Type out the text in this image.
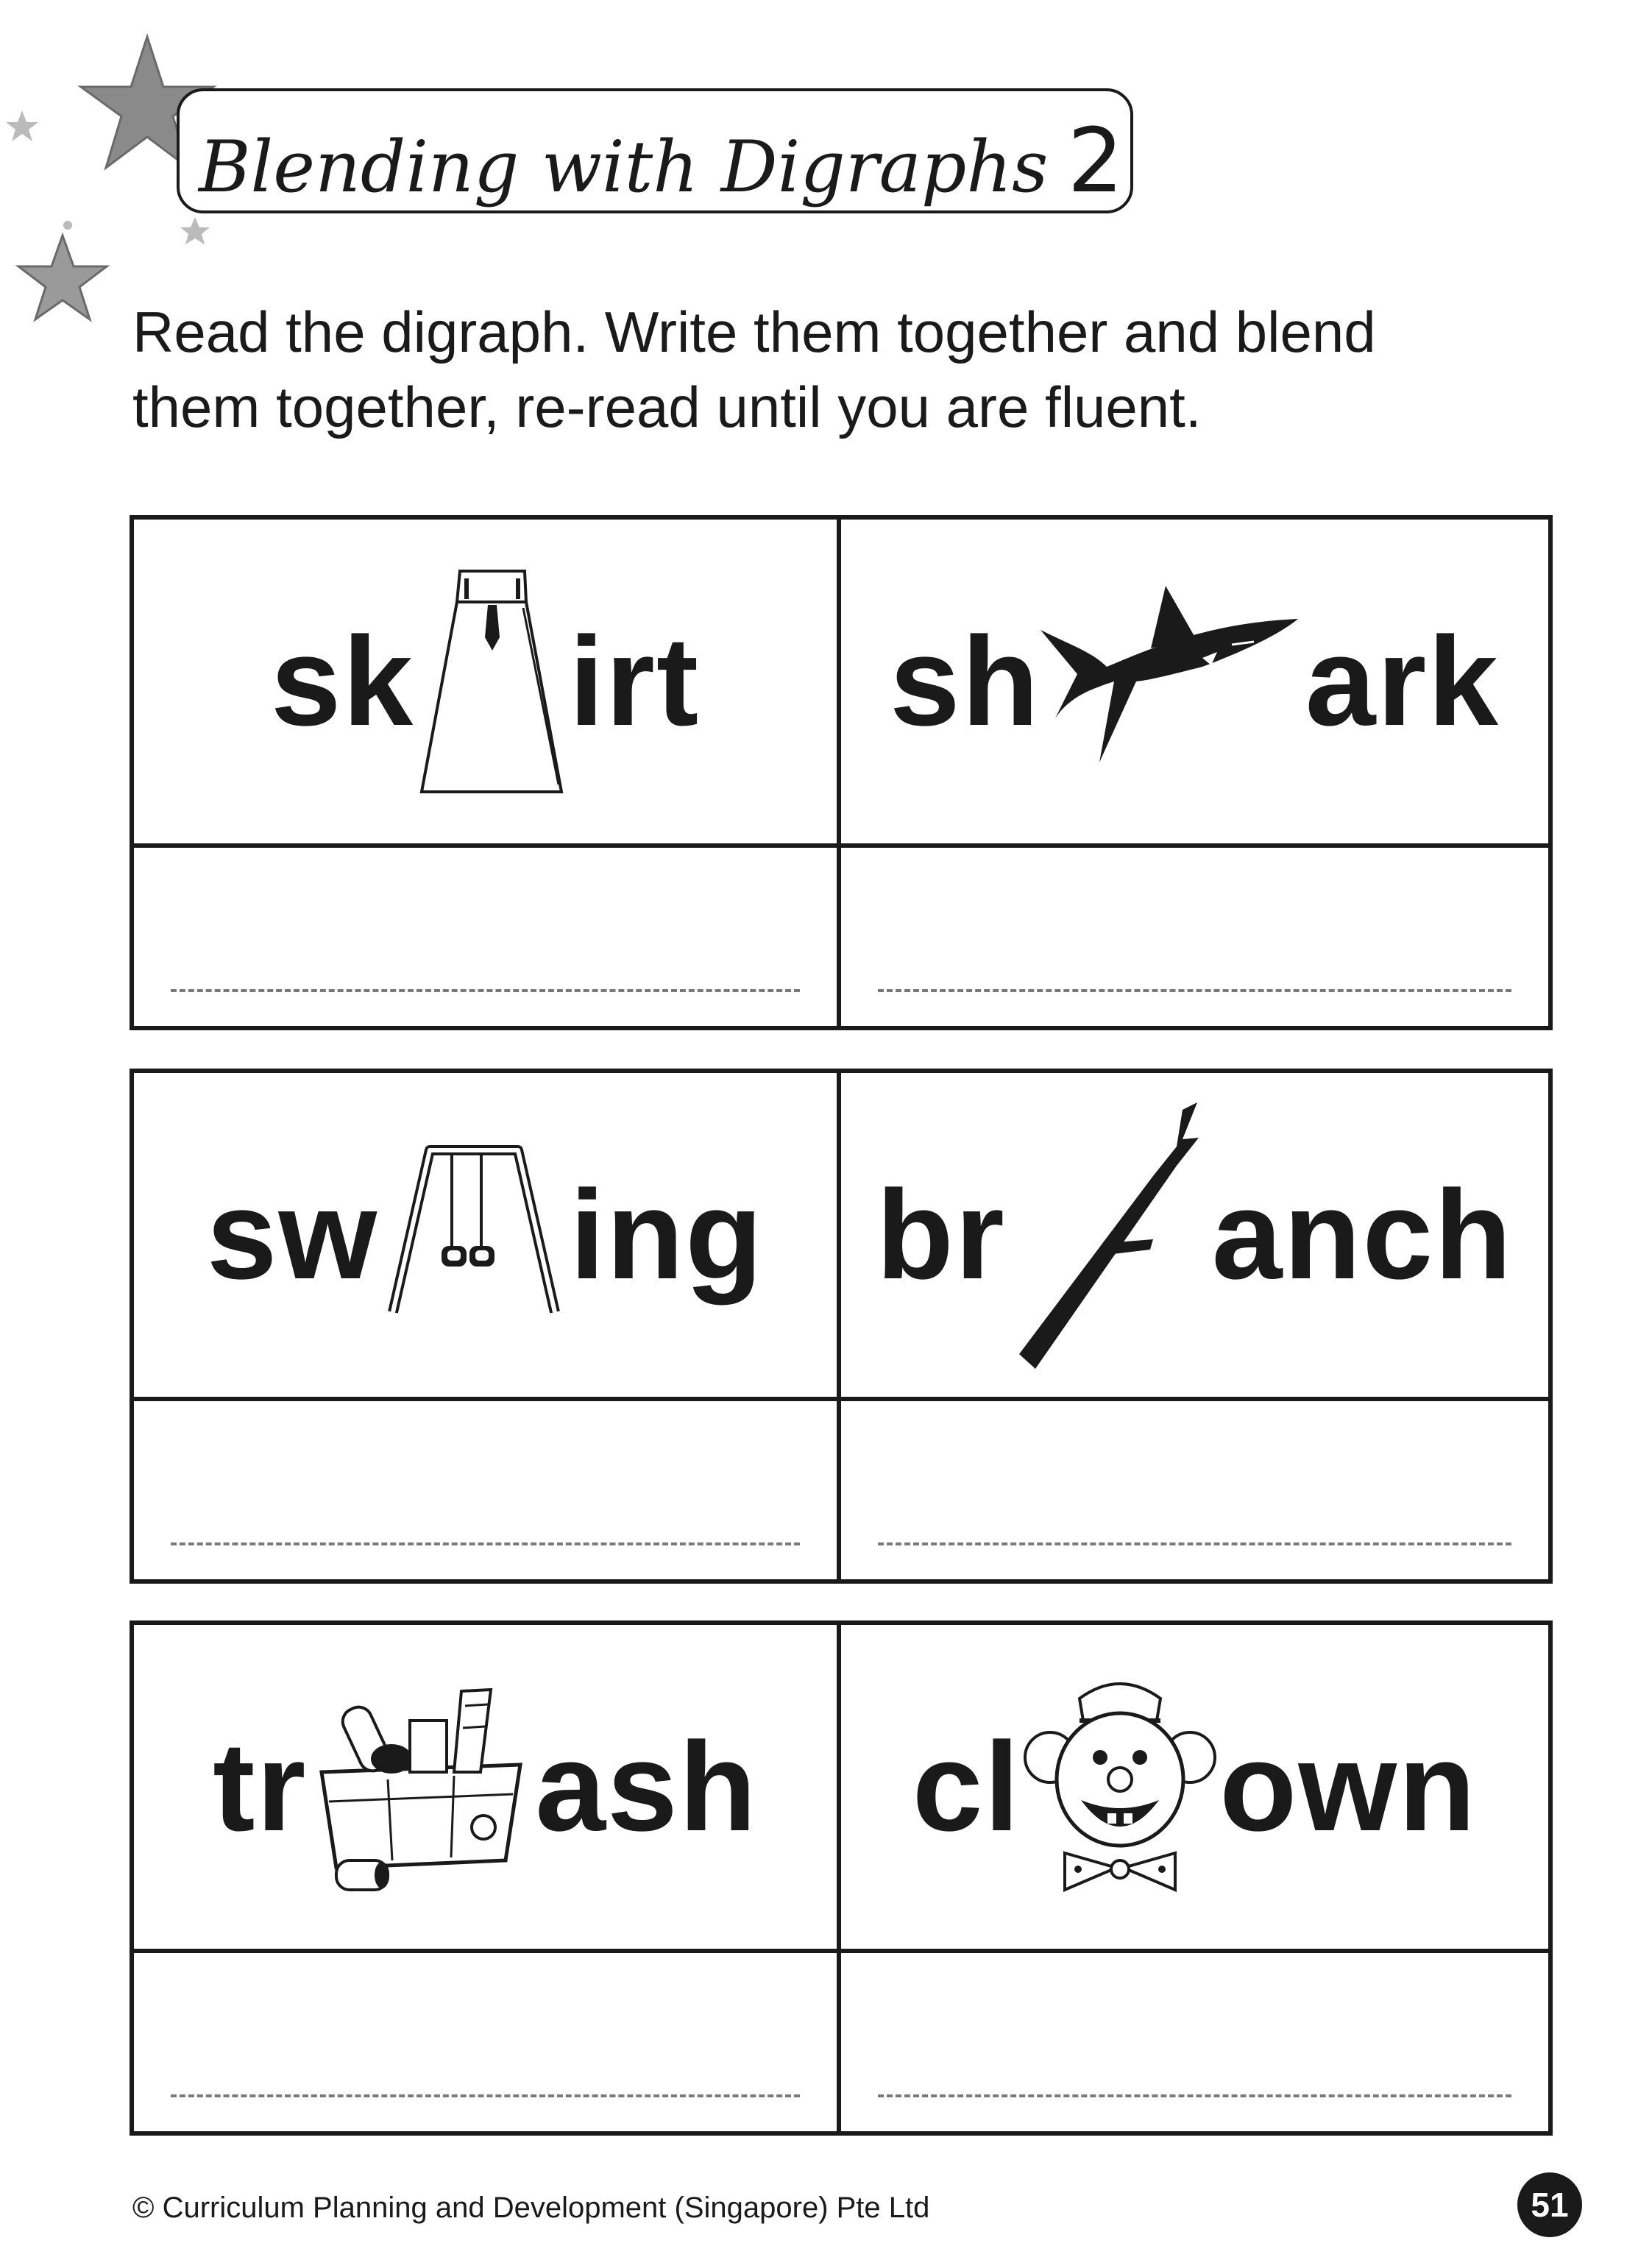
Blending with Digraphs 2

Read the digraph. Write them together and blend

them together, re-read until you are fluent.

sk irt sh ark
sw ing br anch
tr ash cl own
© Curriculum Planning and Development (Singapore) Pte Ltd	51
